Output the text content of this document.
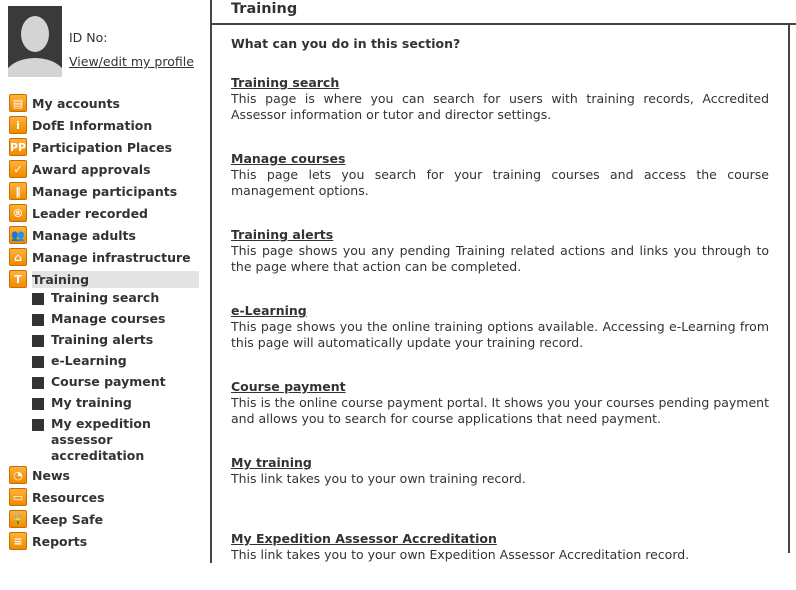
ID No:
View/edit my profile
▤ My accounts
i DofE Information
PP Participation Places
✓ Award approvals
‖ Manage participants
® Leader recorded
👥 Manage adults
⌂ Manage infrastructure
T Training
Training search
Manage courses
Training alerts
e-Learning
Course payment
My training
My expedition assessor accreditation
◔ News
▭ Resources
🔒 Keep Safe
≡ Reports
Training
What can you do in this section?
Training search

This page is where you can search for users with training records, Accredited Assessor information or tutor and director settings.

Manage courses

This page lets you search for your training courses and access the course management options.

Training alerts

This page shows you any pending Training related actions and links you through to the page where that action can be completed.

e-Learning

This page shows you the online training options available. Accessing e-Learning from this page will automatically update your training record.

Course payment

This is the online course payment portal. It shows you your courses pending payment and allows you to search for course applications that need payment.

My training

This link takes you to your own training record.

My Expedition Assessor Accreditation

This link takes you to your own Expedition Assessor Accreditation record.
